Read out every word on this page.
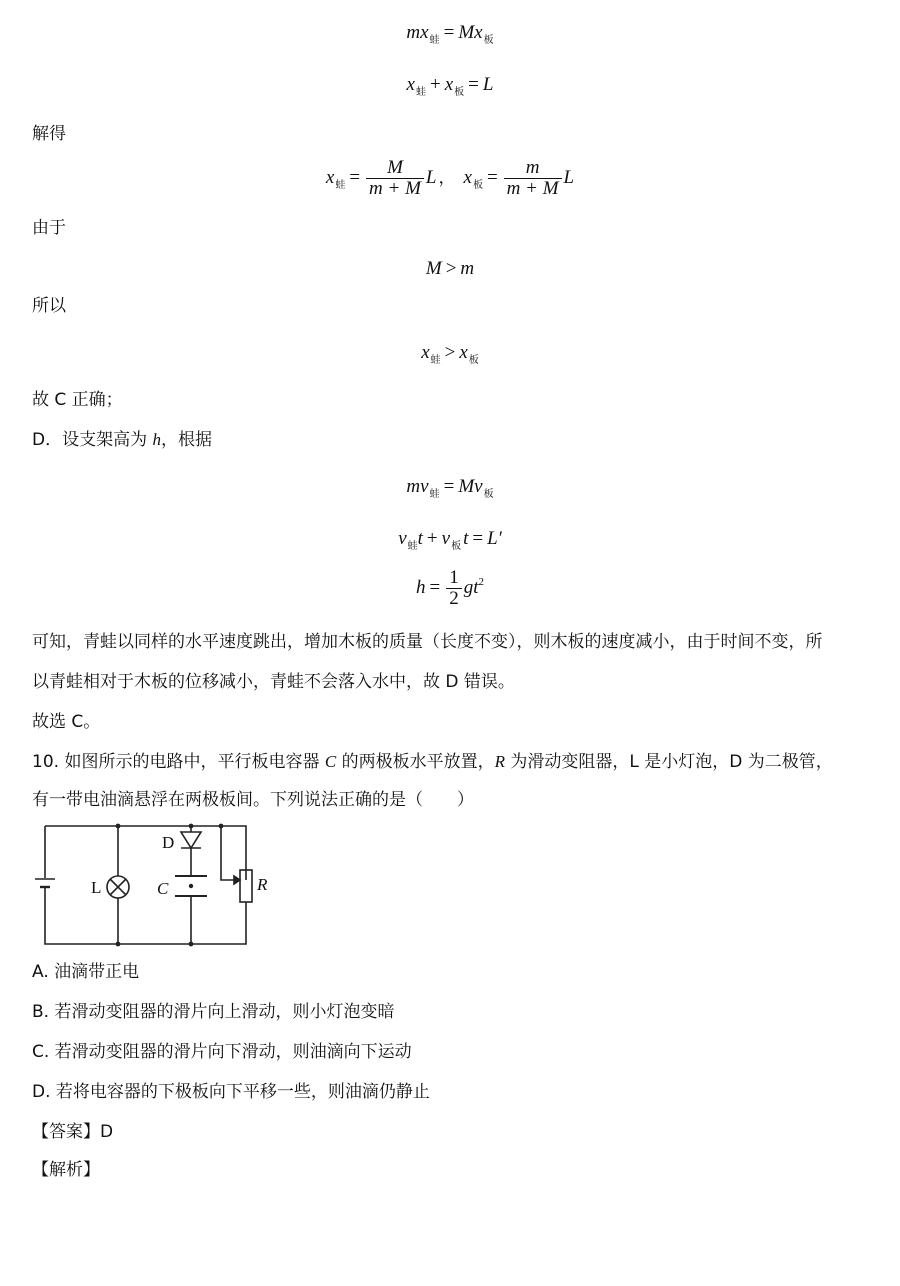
$mx_蛙 = Mx_板$
$x_蛙 + x_板 = L$
解得
$x_蛙 = \frac{M}{m + M}$ L ， $x_板 = \frac{m}{m + M}$ L
由于
M > m
所以
$x_蛙 > x_板$
故 C 正确；
D．设支架高为 h，根据
$mv_蛙 = Mv_板$
$v_蛙t + v_板$ t = L′
$h = \frac{1}{2} gt^2$
可知，青蛙以同样的水平速度跳出，增加木板的质量（长度不变），则木板的速度减小，由于时间不变，所
以青蛙相对于木板的位移减小，青蛙不会落入水中，故 D 错误。
故选 C。
10. 如图所示的电路中，平行板电容器 C 的两极板水平放置，R 为滑动变阻器，L 是小灯泡，D 为二极管，
有一带电油滴悬浮在两极板间。下列说法正确的是（　　）
D
L	C	R
A. 油滴带正电
B. 若滑动变阻器的滑片向上滑动，则小灯泡变暗
C. 若滑动变阻器的滑片向下滑动，则油滴向下运动
D. 若将电容器的下极板向下平移一些，则油滴仍静止
【答案】D
【解析】
